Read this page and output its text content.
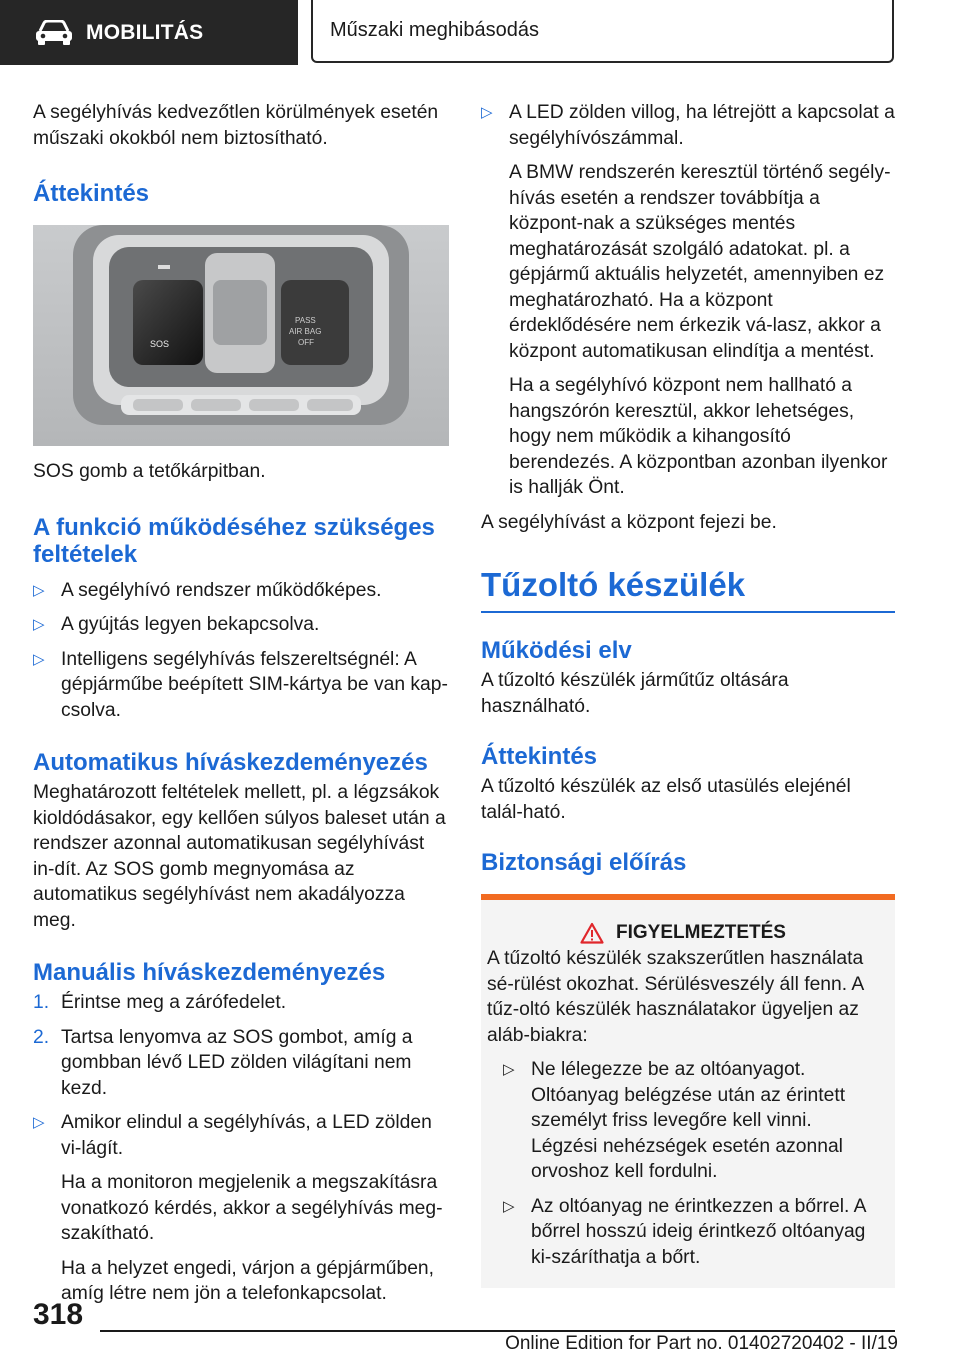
MOBILITÁS	Műszaki meghibásodás

A segélyhívás kedvezőtlen körülmények esetén műszaki okokból nem biztosítható.

Áttekintés
SOS
PASS
AIR BAG
OFF

SOS gomb a tetőkárpitban.

A funkció működéséhez szükséges feltételek
▷ A segélyhívó rendszer működőképes.
▷ A gyújtás legyen bekapcsolva.
▷ Intelligens segélyhívás felszereltségnél: A gépjárműbe beépített SIM-kártya be van kap-csolva.
Automatikus híváskezdeményezés

Meghatározott feltételek mellett, pl. a légzsákok kioldódásakor, egy kellően súlyos baleset után a rendszer azonnal automatikusan segélyhívást in-dít. Az SOS gomb megnyomása az automatikus segélyhívást nem akadályozza meg.

Manuális híváskezdeményezés
1. Érintse meg a zárófedelet.
2. Tartsa lenyomva az SOS gombot, amíg a gombban lévő LED zölden világítani nem kezd.
▷ Amikor elindul a segélyhívás, a LED zölden vi-lágít.

Ha a monitoron megjelenik a megszakításra vonatkozó kérdés, akkor a segélyhívás meg-szakítható.

Ha a helyzet engedi, várjon a gépjárműben, amíg létre nem jön a telefonkapcsolat.

▷ A LED zölden villog, ha létrejött a kapcsolat a segélyhívószámmal.

A BMW rendszerén keresztül történő segély-hívás esetén a rendszer továbbítja a központ-nak a szükséges mentés meghatározását szolgáló adatokat. pl. a gépjármű aktuális helyzetét, amennyiben ez meghatározható. Ha a központ érdeklődésére nem érkezik vá-lasz, akkor a központ automatikusan elindítja a mentést.

Ha a segélyhívó központ nem hallható a hangszórón keresztül, akkor lehetséges, hogy nem működik a kihangosító berendezés. A központban azonban ilyenkor is hallják Önt.

A segélyhívást a központ fejezi be.

Tűzoltó készülék
Működési elv

A tűzoltó készülék járműtűz oltására használható.

Áttekintés

A tűzoltó készülék az első utasülés elejénél talál-ható.

Biztonsági előírás
FIGYELMEZTETÉS

A tűzoltó készülék szakszerűtlen használata sé-rülést okozhat. Sérülésveszély áll fenn. A tűz-oltó készülék használatakor ügyeljen az aláb-biakra:

▷ Ne lélegezze be az oltóanyagot. Oltóanyag belégzése után az érintett személyt friss levegőre kell vinni. Légzési nehézségek esetén azonnal orvoshoz kell fordulni.
▷ Az oltóanyag ne érintkezzen a bőrrel. A bőrrel hosszú ideig érintkező oltóanyag ki-száríthatja a bőrt.
318
Online Edition for Part no. 01402720402 - II/19
